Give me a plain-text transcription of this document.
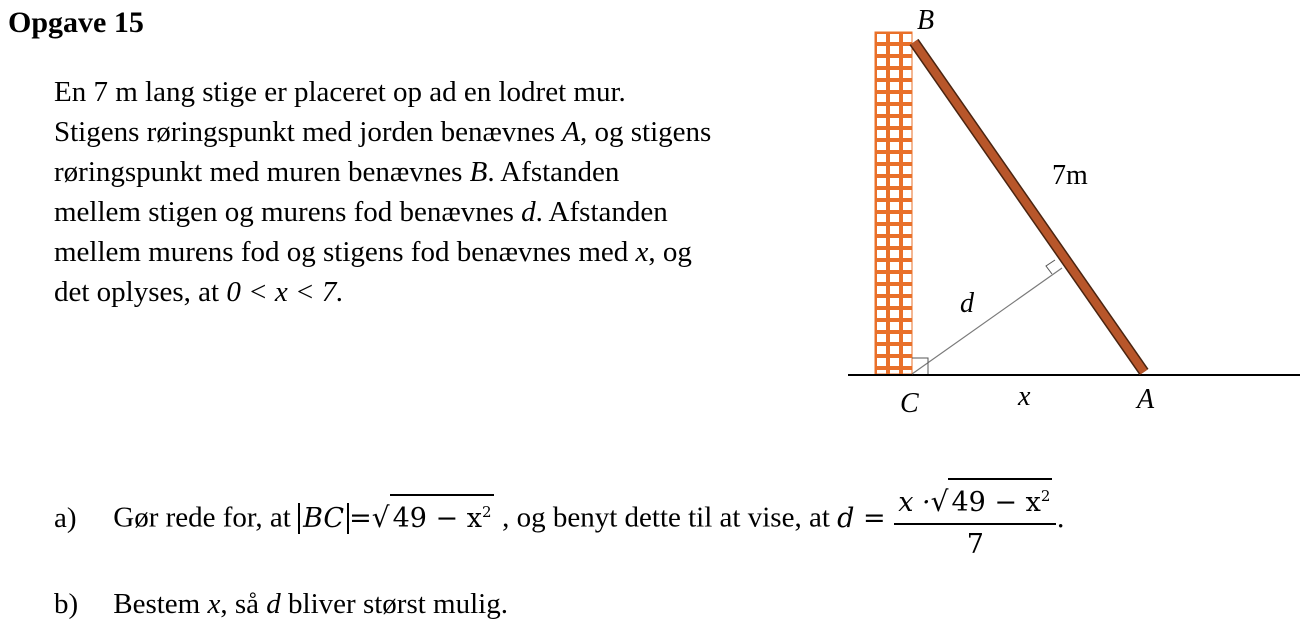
Opgave 15
En 7 m lang stige er placeret op ad en lodret mur.
Stigens røringspunkt med jorden benævnes A, og stigens
røringspunkt med muren benævnes B. Afstanden
mellem stigen og murens fod benævnes d. Afstanden
mellem murens fod og stigens fod benævnes med x, og
det oplyses, at 0 < x < 7.
B
7m
d
C	x	A
a) Gør rede for, at BC =√ $49 - x^2$ , og benyt dette til at vise, at $d = \frac{x \cdot√ 49 - x^2}{7}$ .
b) Bestem x, så d bliver størst mulig.
